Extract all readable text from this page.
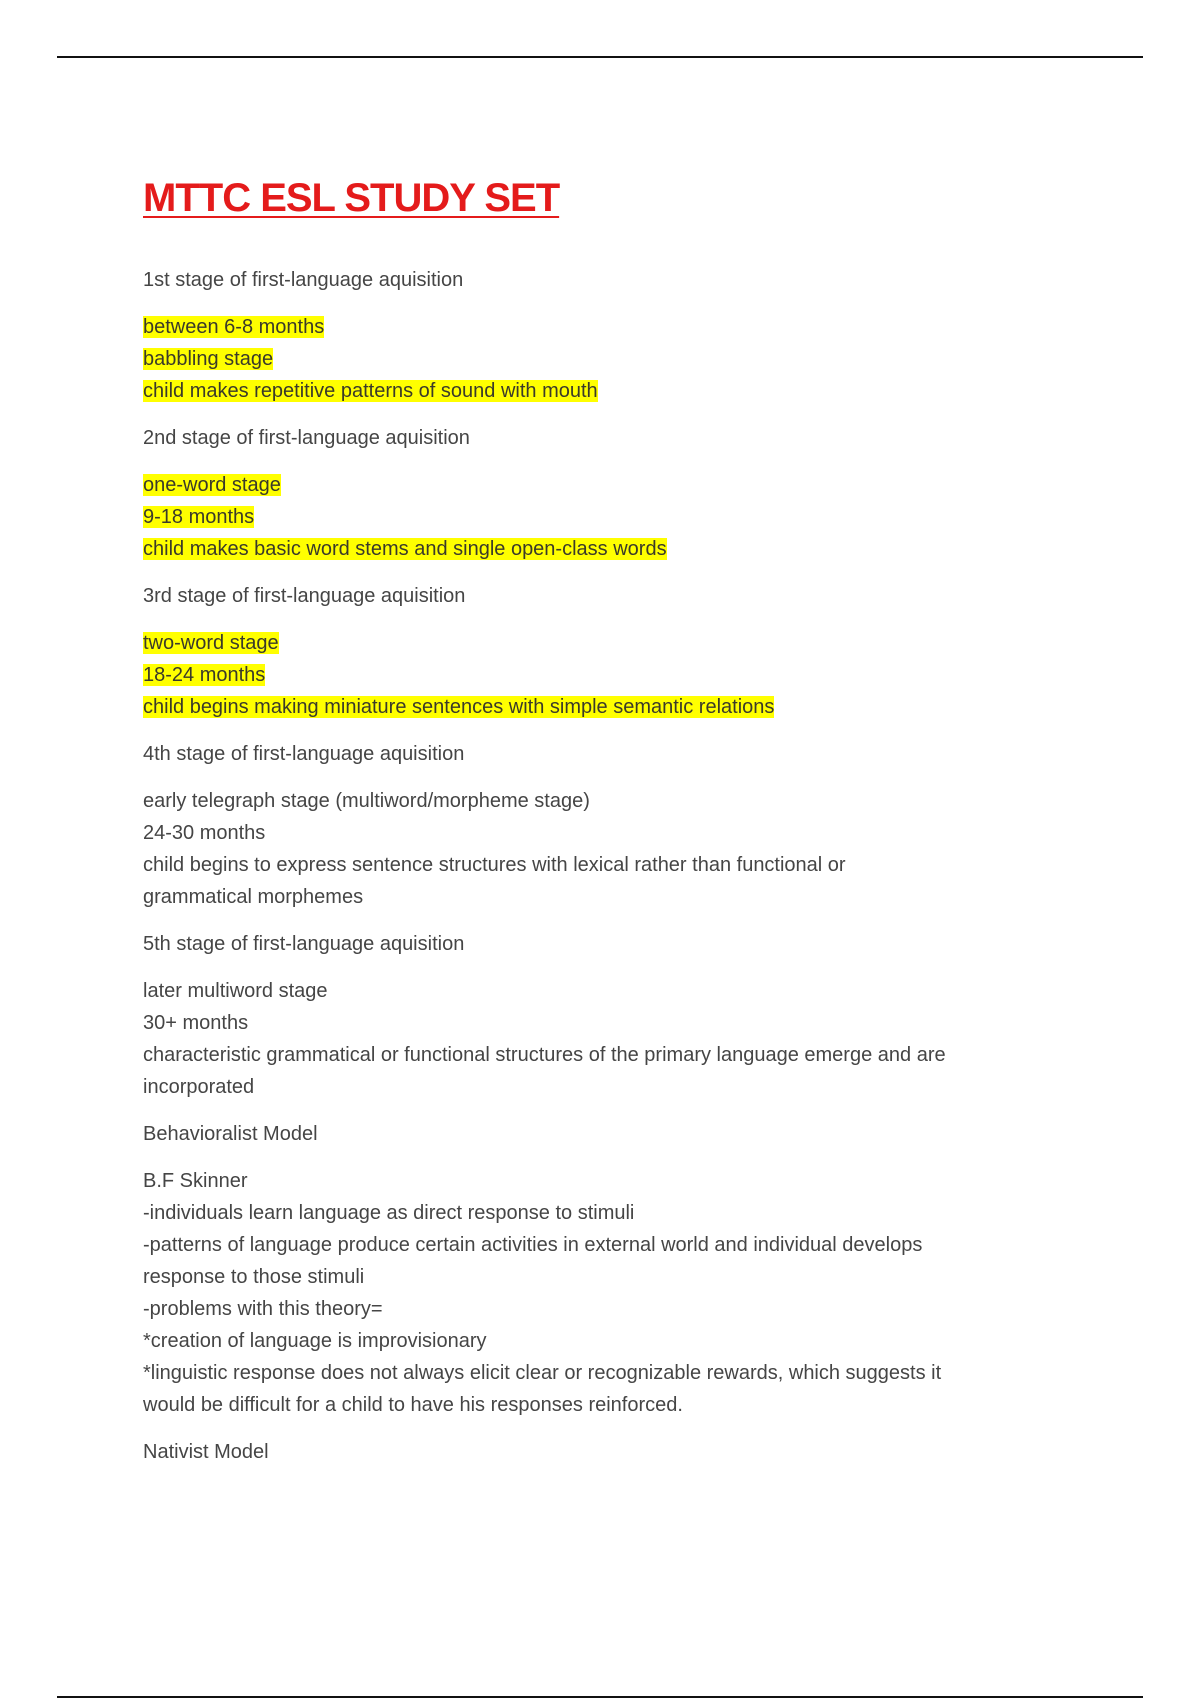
MTTC ESL STUDY SET
1st stage of first-language aquisition
between 6-8 months
babbling stage
child makes repetitive patterns of sound with mouth
2nd stage of first-language aquisition
one-word stage
9-18 months
child makes basic word stems and single open-class words
3rd stage of first-language aquisition
two-word stage
18-24 months
child begins making miniature sentences with simple semantic relations
4th stage of first-language aquisition
early telegraph stage (multiword/morpheme stage)
24-30 months
child begins to express sentence structures with lexical rather than functional or
grammatical morphemes
5th stage of first-language aquisition
later multiword stage
30+ months
characteristic grammatical or functional structures of the primary language emerge and are
incorporated
Behavioralist Model
B.F Skinner
-individuals learn language as direct response to stimuli
-patterns of language produce certain activities in external world and individual develops
response to those stimuli
-problems with this theory=
*creation of language is improvisionary
*linguistic response does not always elicit clear or recognizable rewards, which suggests it
would be difficult for a child to have his responses reinforced.
Nativist Model
